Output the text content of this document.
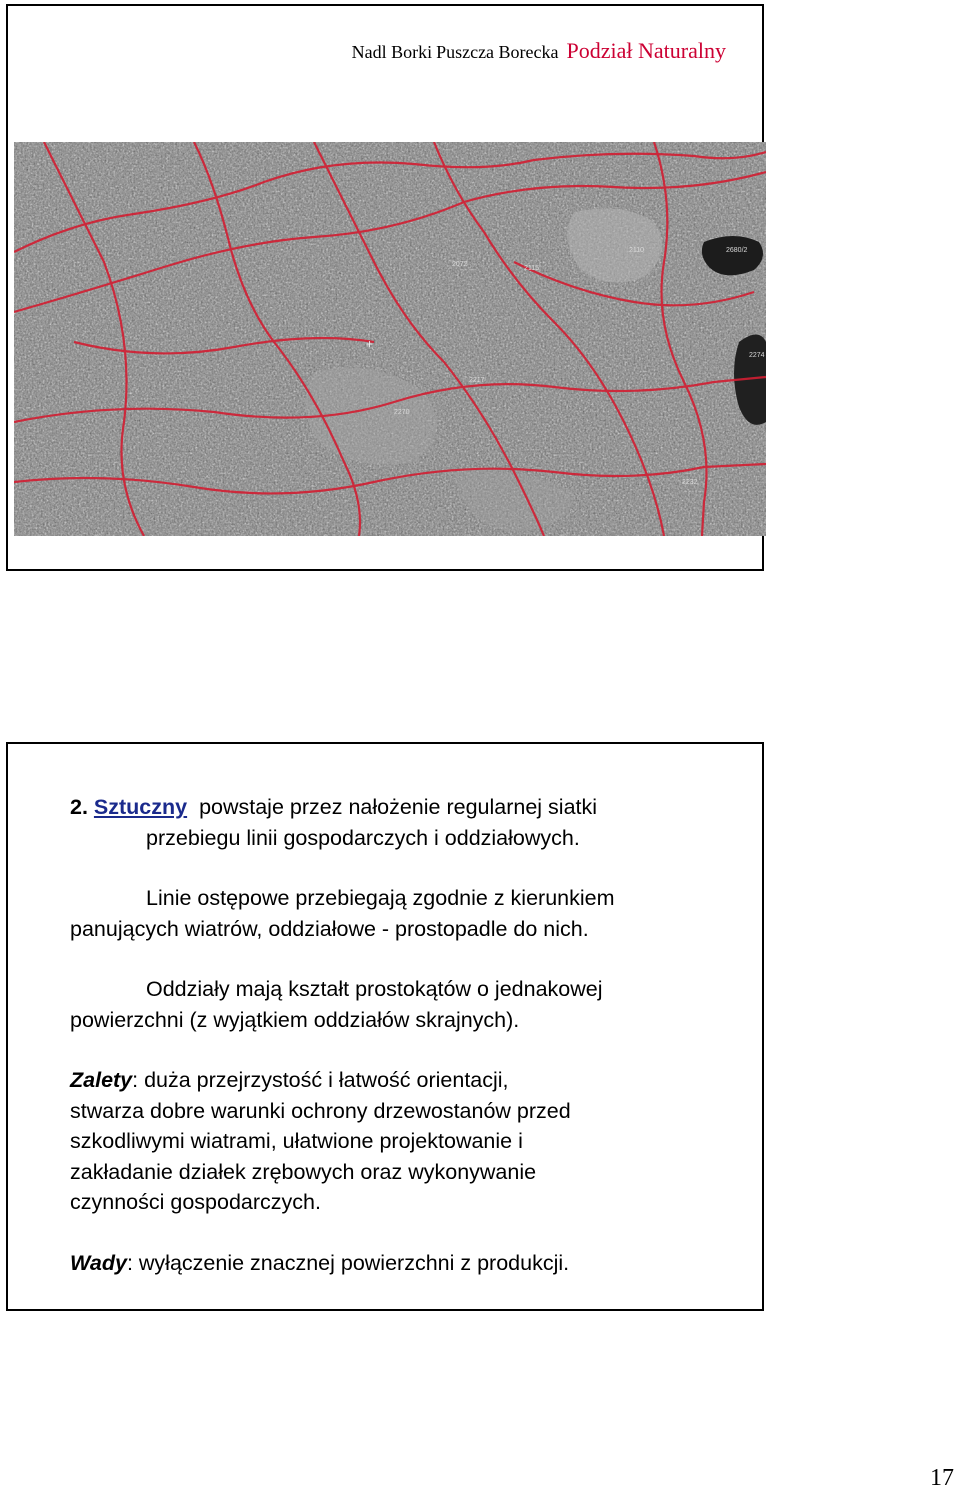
Nadl Borki Puszcza Borecka Podział Naturalny
2072
2115
2110	2680/2
2217
2270
2274
2232
+

2. Sztuczny powstaje przez nałożenie regularnej siatki
przebiegu linii gospodarczych i oddziałowych.

Linie ostępowe przebiegają zgodnie z kierunkiem
panujących wiatrów, oddziałowe - prostopadle do nich.

Oddziały mają kształt prostokątów o jednakowej
powierzchni (z wyjątkiem oddziałów skrajnych).

Zalety: duża przejrzystość i łatwość orientacji,
stwarza dobre warunki ochrony drzewostanów przed
szkodliwymi wiatrami, ułatwione projektowanie i
zakładanie działek zrębowych oraz wykonywanie
czynności gospodarczych.

Wady: wyłączenie znacznej powierzchni z produkcji.

17
